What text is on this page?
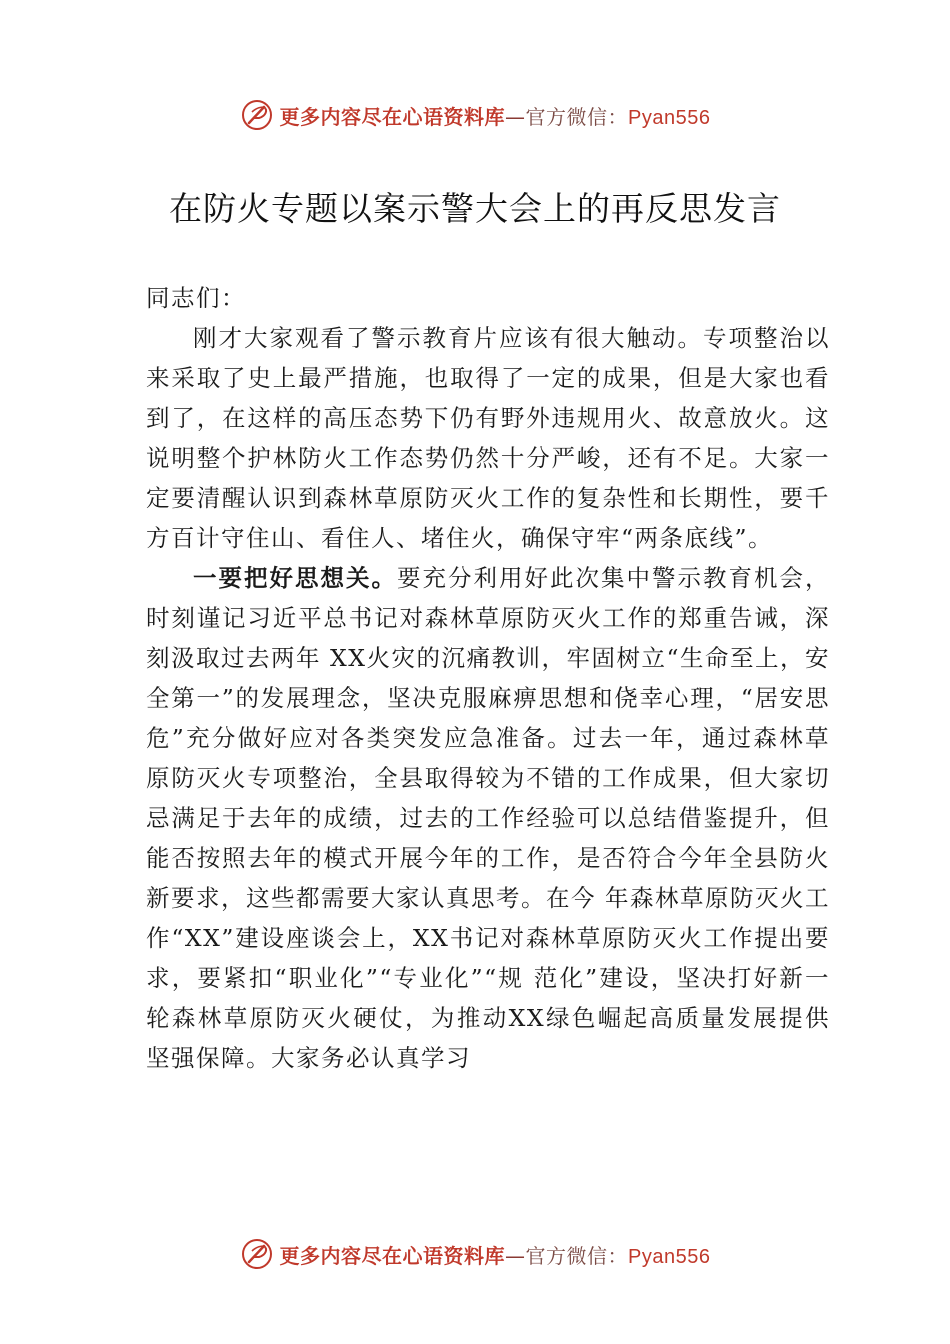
更多内容尽在心语资料库—官方微信：Pyan556
在防火专题以案示警大会上的再反思发言

同志们：

刚才大家观看了警示教育片应该有很大触动。专项整治以来采取了史上最严措施，也取得了一定的成果，但是大家也看到了，在这样的高压态势下仍有野外违规用火、故意放火。这说明整个护林防火工作态势仍然十分严峻，还有不足。大家一定要清醒认识到森林草原防灭火工作的复杂性和长期性，要千方百计守住山、看住人、堵住火，确保守牢“两条底线”。

一要把好思想关。要充分利用好此次集中警示教育机会，时刻谨记习近平总书记对森林草原防灭火工作的郑重告诫，深刻汲取过去两年 XX火灾的沉痛教训，牢固树立“生命至上，安全第一”的发展理念，坚决克服麻痹思想和侥幸心理，“居安思危”充分做好应对各类突发应急准备。过去一年，通过森林草原防灭火专项整治，全县取得较为不错的工作成果，但大家切忌满足于去年的成绩，过去的工作经验可以总结借鉴提升，但能否按照去年的模式开展今年的工作，是否符合今年全县防火新要求，这些都需要大家认真思考。在今 年森林草原防灭火工作“XX”建设座谈会上，XX书记对森林草原防灭火工作提出要求，要紧扣“职业化”“专业化”“规 范化”建设，坚决打好新一轮森林草原防灭火硬仗，为推动XX绿色崛起高质量发展提供坚强保障。大家务必认真学习

更多内容尽在心语资料库—官方微信：Pyan556
